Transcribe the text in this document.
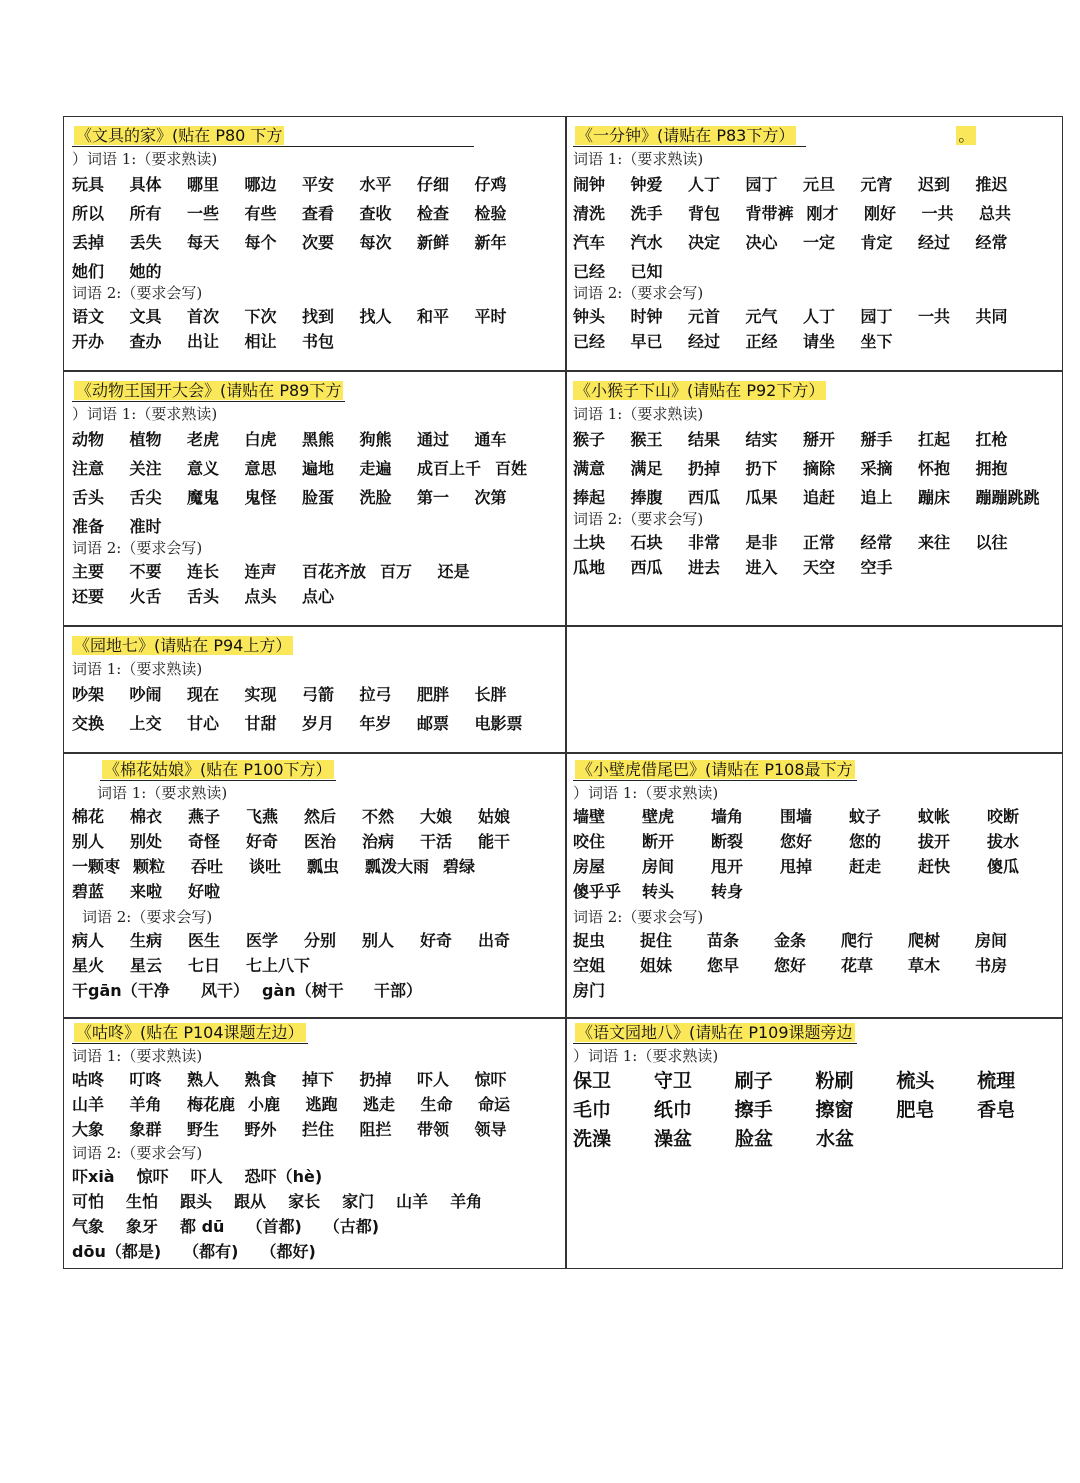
《文具的家》(贴在 P80 下方
）词语 1:（要求熟读)
玩具	具体	哪里	哪边	平安	水平	仔细	仔鸡
所以	所有	一些	有些	查看	查收	检查	检验
丢掉	丢失	每天	每个	次要	每次	新鲜	新年
她们	她的
词语 2:（要求会写)
语文	文具	首次	下次	找到	找人	和平	平时
开办	查办	出让	相让	书包
《一分钟》(请贴在 P83下方）	。
词语 1:（要求熟读)
闹钟	钟爱	人丁	园丁	元旦	元宵	迟到	推迟
清洗	洗手	背包	背带裤 刚才	刚好	一共	总共
汽车	汽水	决定	决心	一定	肯定	经过	经常
已经	已知
词语 2:（要求会写)
钟头	时钟	元首	元气	人丁	园丁	一共	共同
已经	早已	经过	正经	请坐	坐下
《动物王国开大会》(请贴在 P89下方
）词语 1:（要求熟读)
动物	植物	老虎	白虎	黑熊	狗熊	通过	通车
注意	关注	意义	意思	遍地	走遍	成百上千 百姓
舌头	舌尖	魔鬼	鬼怪	脸蛋	洗脸	第一	次第
准备	准时
词语 2:（要求会写)
主要	不要	连长	连声	百花齐放 百万	还是
还要	火舌	舌头	点头	点心
《小猴子下山》(请贴在 P92下方）
词语 1:（要求熟读)
猴子	猴王	结果	结实	掰开	掰手	扛起	扛枪
满意	满足	扔掉	扔下	摘除	采摘	怀抱	拥抱
捧起	捧腹	西瓜	瓜果	追赶	追上	蹦床	蹦蹦跳跳
词语 2:（要求会写)
土块	石块	非常	是非	正常	经常	来往	以往
瓜地	西瓜	进去	进入	天空	空手
《园地七》(请贴在 P94上方）
词语 1:（要求熟读)
吵架	吵闹	现在	实现	弓箭	拉弓	肥胖	长胖
交换	上交	甘心	甘甜	岁月	年岁	邮票	电影票
《棉花姑娘》(贴在 P100下方）
词语 1:（要求熟读)
棉花	棉衣	燕子	飞燕	然后	不然	大娘	姑娘
别人	别处	奇怪	好奇	医治	治病	干活	能干
一颗枣 颗粒	吞吐	谈吐	瓢虫	瓢泼大雨 碧绿
碧蓝	来啦	好啦
词语 2:（要求会写)
病人	生病	医生	医学	分别	别人	好奇	出奇
星火	星云	七日	七上八下
干gān（干净	风干） gàn（树干	干部）
《小壁虎借尾巴》(请贴在 P108最下方
）词语 1:（要求熟读)
墙壁	壁虎	墙角	围墙	蚊子	蚊帐	咬断
咬住	断开	断裂	您好	您的	拔开	拔水
房屋	房间	甩开	甩掉	赶走	赶快	傻瓜
傻乎乎	转头	转身
词语 2:（要求会写)
捉虫	捉住	苗条	金条	爬行	爬树	房间
空姐	姐妹	您早	您好	花草	草木	书房
房门
《咕咚》(贴在 P104课题左边）
词语 1:（要求熟读)
咕咚	叮咚	熟人	熟食	掉下	扔掉	吓人	惊吓
山羊	羊角	梅花鹿 小鹿	逃跑	逃走	生命	命运
大象	象群	野生	野外	拦住	阻拦	带领	领导
词语 2:（要求会写)
吓xià 惊吓 吓人 恐吓（hè)
可怕 生怕 跟头 跟从 家长 家门 山羊 羊角
气象 象牙 都 dū （首都) （古都)
dōu（都是) （都有) （都好)
《语文园地八》(请贴在 P109课题旁边
）词语 1:（要求熟读)
保卫	守卫	刷子	粉刷	梳头	梳理
毛巾	纸巾	擦手	擦窗	肥皂	香皂
洗澡	澡盆	脸盆	水盆
